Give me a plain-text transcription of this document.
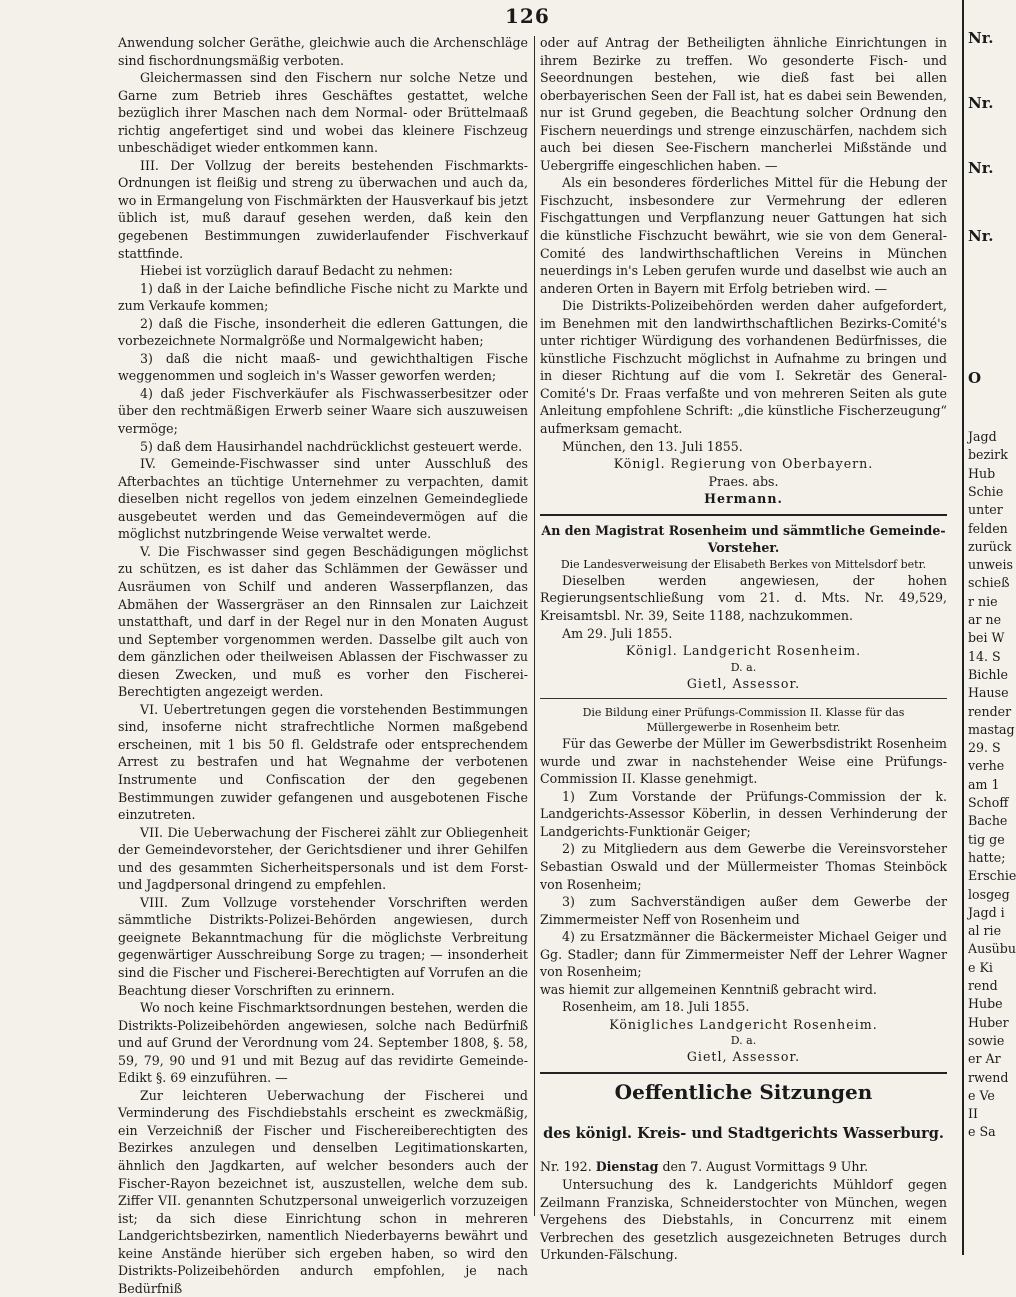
126

Anwendung solcher Geräthe, gleichwie auch die Archenschläge sind fischordnungsmäßig verboten.

Gleichermassen sind den Fischern nur solche Netze und Garne zum Betrieb ihres Geschäftes gestattet, welche bezüglich ihrer Maschen nach dem Normal- oder Brüttelmaaß richtig angefertiget sind und wobei das kleinere Fischzeug unbeschädiget wieder entkommen kann.

III. Der Vollzug der bereits bestehenden Fischmarkts-Ordnungen ist fleißig und streng zu überwachen und auch da, wo in Ermangelung von Fischmärkten der Hausverkauf bis jetzt üblich ist, muß darauf gesehen werden, daß kein den gegebenen Bestimmungen zuwiderlaufender Fischverkauf stattfinde.

Hiebei ist vorzüglich darauf Bedacht zu nehmen:

1) daß in der Laiche befindliche Fische nicht zu Markte und zum Verkaufe kommen;

2) daß die Fische, insonderheit die edleren Gattungen, die vorbezeichnete Normalgröße und Normalgewicht haben;

3) daß die nicht maaß- und gewichthaltigen Fische weggenommen und sogleich in's Wasser geworfen werden;

4) daß jeder Fischverkäufer als Fischwasserbesitzer oder über den rechtmäßigen Erwerb seiner Waare sich auszuweisen vermöge;

5) daß dem Hausirhandel nachdrücklichst gesteuert werde.

IV. Gemeinde-Fischwasser sind unter Ausschluß des Afterbachtes an tüchtige Unternehmer zu verpachten, damit dieselben nicht regellos von jedem einzelnen Gemeindegliede ausgebeutet werden und das Gemeindevermögen auf die möglichst nutzbringende Weise verwaltet werde.

V. Die Fischwasser sind gegen Beschädigungen möglichst zu schützen, es ist daher das Schlämmen der Gewässer und Ausräumen von Schilf und anderen Wasserpflanzen, das Abmähen der Wassergräser an den Rinnsalen zur Laichzeit unstatthaft, und darf in der Regel nur in den Monaten August und September vorgenommen werden. Dasselbe gilt auch von dem gänzlichen oder theilweisen Ablassen der Fischwasser zu diesen Zwecken, und muß es vorher den Fischerei-Berechtigten angezeigt werden.

VI. Uebertretungen gegen die vorstehenden Bestimmungen sind, insoferne nicht strafrechtliche Normen maßgebend erscheinen, mit 1 bis 50 fl. Geldstrafe oder entsprechendem Arrest zu bestrafen und hat Wegnahme der verbotenen Instrumente und Confiscation der den gegebenen Bestimmungen zuwider gefangenen und ausgebotenen Fische einzutreten.

VII. Die Ueberwachung der Fischerei zählt zur Obliegenheit der Gemeindevorsteher, der Gerichtsdiener und ihrer Gehilfen und des gesammten Sicherheitspersonals und ist dem Forst- und Jagdpersonal dringend zu empfehlen.

VIII. Zum Vollzuge vorstehender Vorschriften werden sämmtliche Distrikts-Polizei-Behörden angewiesen, durch geeignete Bekanntmachung für die möglichste Verbreitung gegenwärtiger Ausschreibung Sorge zu tragen; — insonderheit sind die Fischer und Fischerei-Berechtigten auf Vorrufen an die Beachtung dieser Vorschriften zu erinnern.

Wo noch keine Fischmarktsordnungen bestehen, werden die Distrikts-Polizeibehörden angewiesen, solche nach Bedürfniß und auf Grund der Verordnung vom 24. September 1808, §. 58, 59, 79, 90 und 91 und mit Bezug auf das revidirte Gemeinde-Edikt §. 69 einzuführen. —

Zur leichteren Ueberwachung der Fischerei und Verminderung des Fischdiebstahls erscheint es zweckmäßig, ein Verzeichniß der Fischer und Fischereiberechtigten des Bezirkes anzulegen und denselben Legitimationskarten, ähnlich den Jagdkarten, auf welcher besonders auch der Fischer-Rayon bezeichnet ist, auszustellen, welche dem sub. Ziffer VII. genannten Schutzpersonal unweigerlich vorzuzeigen ist; da sich diese Einrichtung schon in mehreren Landgerichtsbezirken, namentlich Niederbayerns bewährt und keine Anstände hierüber sich ergeben haben, so wird den Distrikts-Polizeibehörden andurch empfohlen, je nach Bedürfniß

oder auf Antrag der Betheiligten ähnliche Einrichtungen in ihrem Bezirke zu treffen. Wo gesonderte Fisch- und Seeordnungen bestehen, wie dieß fast bei allen oberbayerischen Seen der Fall ist, hat es dabei sein Bewenden, nur ist Grund gegeben, die Beachtung solcher Ordnung den Fischern neuerdings und strenge einzuschärfen, nachdem sich auch bei diesen See-Fischern mancherlei Mißstände und Uebergriffe eingeschlichen haben. —

Als ein besonderes förderliches Mittel für die Hebung der Fischzucht, insbesondere zur Vermehrung der edleren Fischgattungen und Verpflanzung neuer Gattungen hat sich die künstliche Fischzucht bewährt, wie sie von dem General-Comité des landwirthschaftlichen Vereins in München neuerdings in's Leben gerufen wurde und daselbst wie auch an anderen Orten in Bayern mit Erfolg betrieben wird. —

Die Distrikts-Polizeibehörden werden daher aufgefordert, im Benehmen mit den landwirthschaftlichen Bezirks-Comité's unter richtiger Würdigung des vorhandenen Bedürfnisses, die künstliche Fischzucht möglichst in Aufnahme zu bringen und in dieser Richtung auf die vom I. Sekretär des General-Comité's Dr. Fraas verfaßte und von mehreren Seiten als gute Anleitung empfohlene Schrift: „die künstliche Fischerzeugung“ aufmerksam gemacht.

München, den 13. Juli 1855.

Königl. Regierung von Oberbayern.

Praes. abs.

Hermann.

An den Magistrat Rosenheim und sämmtliche Gemeinde-Vorsteher.

Die Landesverweisung der Elisabeth Berkes von Mittelsdorf betr.

Dieselben werden angewiesen, der hohen Regierungsentschließung vom 21. d. Mts. Nr. 49,529, Kreisamtsbl. Nr. 39, Seite 1188, nachzukommen.

Am 29. Juli 1855.

Königl. Landgericht Rosenheim.

D. a.

Gietl, Assessor.

Die Bildung einer Prüfungs-Commission II. Klasse für das Müllergewerbe in Rosenheim betr.

Für das Gewerbe der Müller im Gewerbsdistrikt Rosenheim wurde und zwar in nachstehender Weise eine Prüfungs-Commission II. Klasse genehmigt.

1) Zum Vorstande der Prüfungs-Commission der k. Landgerichts-Assessor Köberlin, in dessen Verhinderung der Landgerichts-Funktionär Geiger;

2) zu Mitgliedern aus dem Gewerbe die Vereinsvorsteher Sebastian Oswald und der Müllermeister Thomas Steinböck von Rosenheim;

3) zum Sachverständigen außer dem Gewerbe der Zimmermeister Neff von Rosenheim und

4) zu Ersatzmänner die Bäckermeister Michael Geiger und Gg. Stadler; dann für Zimmermeister Neff der Lehrer Wagner von Rosenheim;

was hiemit zur allgemeinen Kenntniß gebracht wird.

Rosenheim, am 18. Juli 1855.

Königliches Landgericht Rosenheim.

D. a.

Gietl, Assessor.

Oeffentliche Sitzungen

des königl. Kreis- und Stadtgerichts Wasserburg.

Nr. 192. Dienstag den 7. August Vormittags 9 Uhr.

Untersuchung des k. Landgerichts Mühldorf gegen Zeilmann Franziska, Schneiderstochter von München, wegen Vergehens des Diebstahls, in Concurrenz mit einem Verbrechen des gesetzlich ausgezeichneten Betruges durch Urkunden-Fälschung.

Nr.
Nr.
Nr.
Nr.
O
Jagd
bezirk
Hub
Schie
unter
felden
zurück
unweis
schieß
r nie
ar ne
bei W
14. S
Bichle
Hause
render
mastag
29. S
verhe
am 1
Schoff
Bache
tig ge
hatte;
Erschie
losgeg
Jagd i
al rie
Ausübu
e Ki
rend
Hube
Huber
sowie
er Ar
rwend
e Ve
II
e Sa
